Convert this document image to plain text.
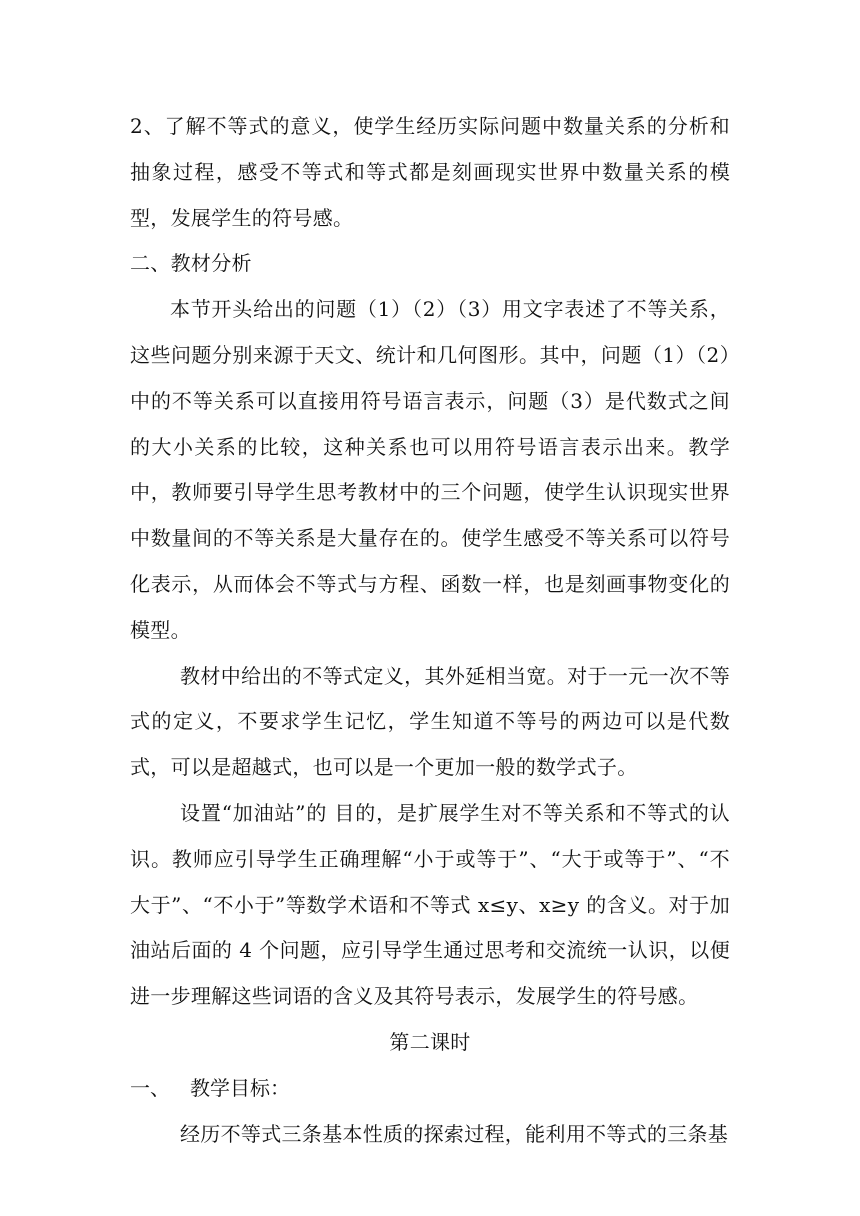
2、了解不等式的意义，使学生经历实际问题中数量关系的分析和抽象过程，感受不等式和等式都是刻画现实世界中数量关系的模型，发展学生的符号感。

二、教材分析

本节开头给出的问题（1）（2）（3）用文字表述了不等关系，这些问题分别来源于天文、统计和几何图形。其中，问题（1）（2）中的不等关系可以直接用符号语言表示，问题（3）是代数式之间的大小关系的比较，这种关系也可以用符号语言表示出来。教学中，教师要引导学生思考教材中的三个问题，使学生认识现实世界中数量间的不等关系是大量存在的。使学生感受不等关系可以符号化表示，从而体会不等式与方程、函数一样，也是刻画事物变化的模型。

教材中给出的不等式定义，其外延相当宽。对于一元一次不等式的定义，不要求学生记忆，学生知道不等号的两边可以是代数式，可以是超越式，也可以是一个更加一般的数学式子。

设置“加油站”的 目的，是扩展学生对不等关系和不等式的认识。教师应引导学生正确理解“小于或等于”、“大于或等于”、“不大于”、“不小于”等数学术语和不等式 x≤y、x≥y 的含义。对于加油站后面的 4 个问题，应引导学生通过思考和交流统一认识，以便进一步理解这些词语的含义及其符号表示，发展学生的符号感。

第二课时

一、	教学目标：

经历不等式三条基本性质的探索过程，能利用不等式的三条基
